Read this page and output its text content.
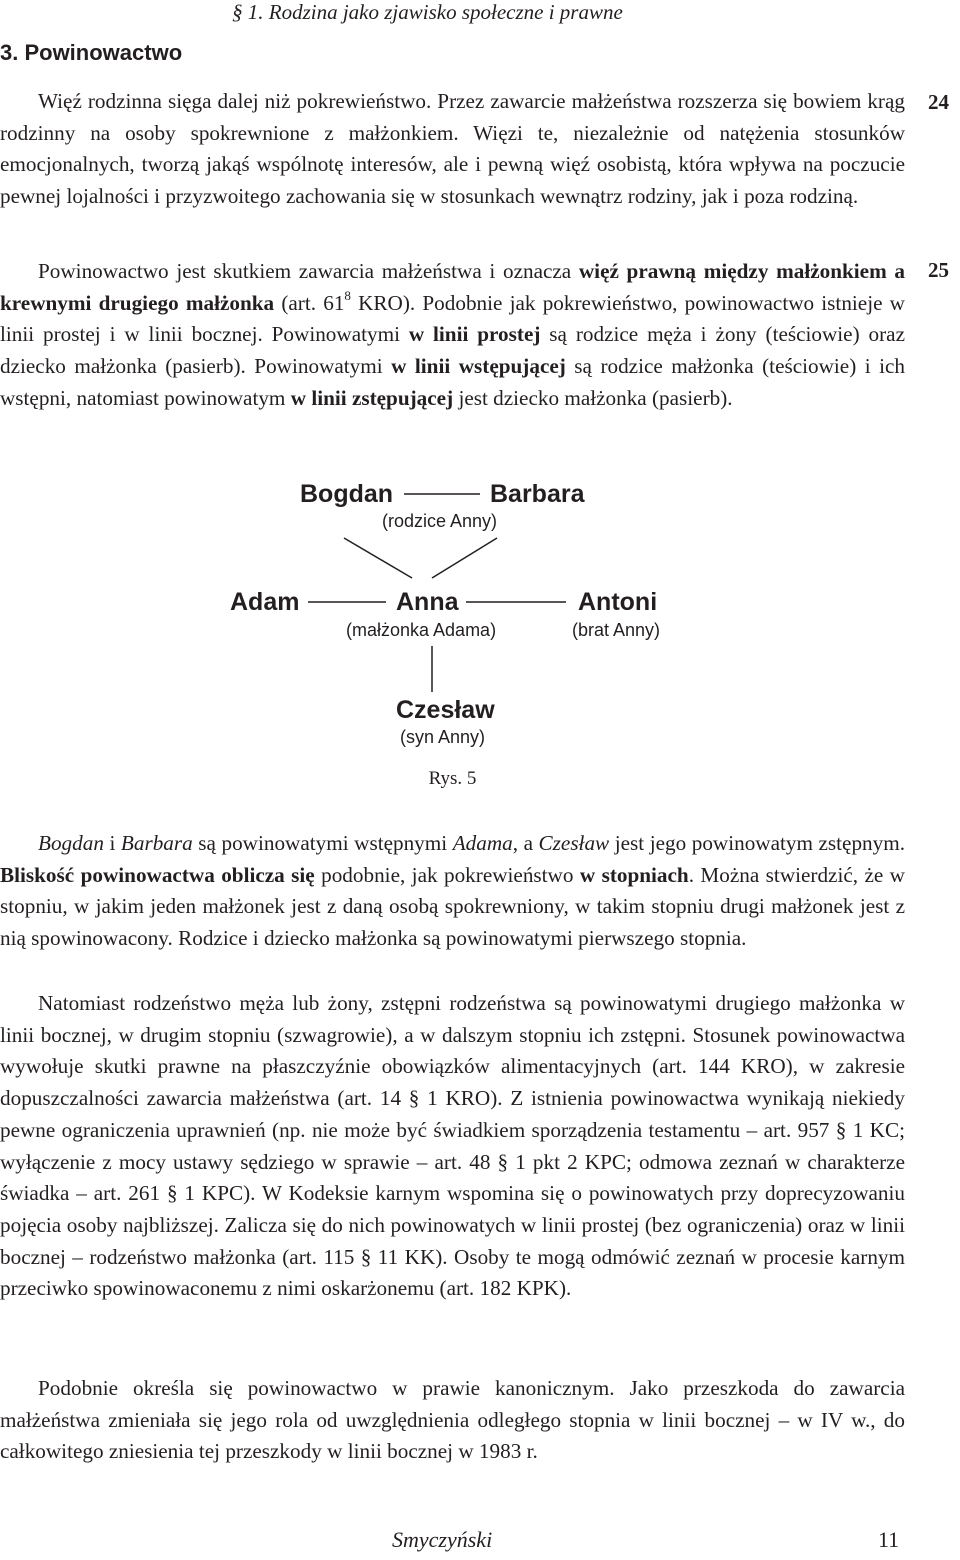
§ 1. Rodzina jako zjawisko społeczne i prawne
3. Powinowactwo
24
25

Więź rodzinna sięga dalej niż pokrewieństwo. Przez zawarcie małżeństwa rozszerza się bowiem krąg rodzinny na osoby spokrewnione z małżonkiem. Więzi te, niezależnie od natężenia stosunków emocjonalnych, tworzą jakąś wspólnotę interesów, ale i pewną więź osobistą, która wpływa na poczucie pewnej lojalności i przyzwoitego zachowania się w stosunkach wewnątrz rodziny, jak i poza rodziną.

Powinowactwo jest skutkiem zawarcia małżeństwa i oznacza więź prawną między małżonkiem a krewnymi drugiego małżonka (art. $61^8$ KRO). Podobnie jak pokrewieństwo, powinowactwo istnieje w linii prostej i w linii bocznej. Powinowatymi w linii prostej są rodzice męża i żony (teściowie) oraz dziecko małżonka (pasierb). Powinowatymi w linii wstępującej są rodzice małżonka (teściowie) i ich wstępni, natomiast powinowatym w linii zstępującej jest dziecko małżonka (pasierb).

Bogdan	Barbara
(rodzice Anny)
Adam	Anna
(małżonka Adama)
Antoni
(brat Anny)
Czesław
(syn Anny)
Rys. 5

Bogdan i Barbara są powinowatymi wstępnymi Adama, a Czesław jest jego powinowatym zstępnym. Bliskość powinowactwa oblicza się podobnie, jak pokrewieństwo w stopniach. Można stwierdzić, że w stopniu, w jakim jeden małżonek jest z daną osobą spokrewniony, w takim stopniu drugi małżonek jest z nią spowinowacony. Rodzice i dziecko małżonka są powinowatymi pierwszego stopnia.

Natomiast rodzeństwo męża lub żony, zstępni rodzeństwa są powinowatymi drugiego małżonka w linii bocznej, w drugim stopniu (szwagrowie), a w dalszym stopniu ich zstępni. Stosunek powinowactwa wywołuje skutki prawne na płaszczyźnie obowiązków alimentacyjnych (art. 144 KRO), w zakresie dopuszczalności zawarcia małżeństwa (art. 14 § 1 KRO). Z istnienia powinowactwa wynikają niekiedy pewne ograniczenia uprawnień (np. nie może być świadkiem sporządzenia testamentu – art. 957 § 1 KC; wyłączenie z mocy ustawy sędziego w sprawie – art. 48 § 1 pkt 2 KPC; odmowa zeznań w charakterze świadka – art. 261 § 1 KPC). W Kodeksie karnym wspomina się o powinowatych przy doprecyzowaniu pojęcia osoby najbliższej. Zalicza się do nich powinowatych w linii prostej (bez ograniczenia) oraz w linii bocznej – rodzeństwo małżonka (art. 115 § 11 KK). Osoby te mogą odmówić zeznań w procesie karnym przeciwko spowinowaconemu z nimi oskarżonemu (art. 182 KPK).

Podobnie określa się powinowactwo w prawie kanonicznym. Jako przeszkoda do zawarcia małżeństwa zmieniała się jego rola od uwzględnienia odległego stopnia w linii bocznej – w IV w., do całkowitego zniesienia tej przeszkody w linii bocznej w 1983 r.

Smyczyński	11
